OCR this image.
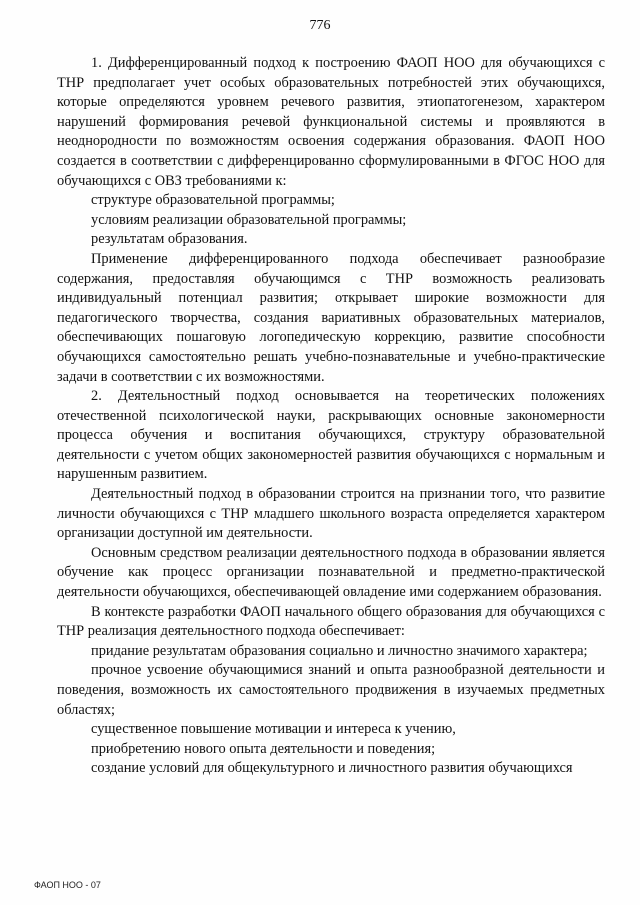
776

1. Дифференцированный подход к построению ФАОП НОО для обучающихся с ТНР предполагает учет особых образовательных потребностей этих обучающихся, которые определяются уровнем речевого развития, этиопатогенезом, характером нарушений формирования речевой функциональной системы и проявляются в неоднородности по возможностям освоения содержания образования. ФАОП НОО создается в соответствии с дифференцированно сформулированными в ФГОС НОО для обучающихся с ОВЗ требованиями к:

структуре образовательной программы;

условиям реализации образовательной программы;

результатам образования.

Применение дифференцированного подхода обеспечивает разнообразие содержания, предоставляя обучающимся с ТНР возможность реализовать индивидуальный потенциал развития; открывает широкие возможности для педагогического творчества, создания вариативных образовательных материалов, обеспечивающих пошаговую логопедическую коррекцию, развитие способности обучающихся самостоятельно решать учебно-познавательные и учебно-практические задачи в соответствии с их возможностями.

2. Деятельностный подход основывается на теоретических положениях отечественной психологической науки, раскрывающих основные закономерности процесса обучения и воспитания обучающихся, структуру образовательной деятельности с учетом общих закономерностей развития обучающихся с нормальным и нарушенным развитием.

Деятельностный подход в образовании строится на признании того, что развитие личности обучающихся с ТНР младшего школьного возраста определяется характером организации доступной им деятельности.

Основным средством реализации деятельностного подхода в образовании является обучение как процесс организации познавательной и предметно-практической деятельности обучающихся, обеспечивающей овладение ими содержанием образования.

В контексте разработки ФАОП начального общего образования для обучающихся с ТНР реализация деятельностного подхода обеспечивает:

придание результатам образования социально и личностно значимого характера;

прочное усвоение обучающимися знаний и опыта разнообразной деятельности и поведения, возможность их самостоятельного продвижения в изучаемых предметных областях;

существенное повышение мотивации и интереса к учению,

приобретению нового опыта деятельности и поведения;

создание условий для общекультурного и личностного развития обучающихся

ФАОП НОО - 07
